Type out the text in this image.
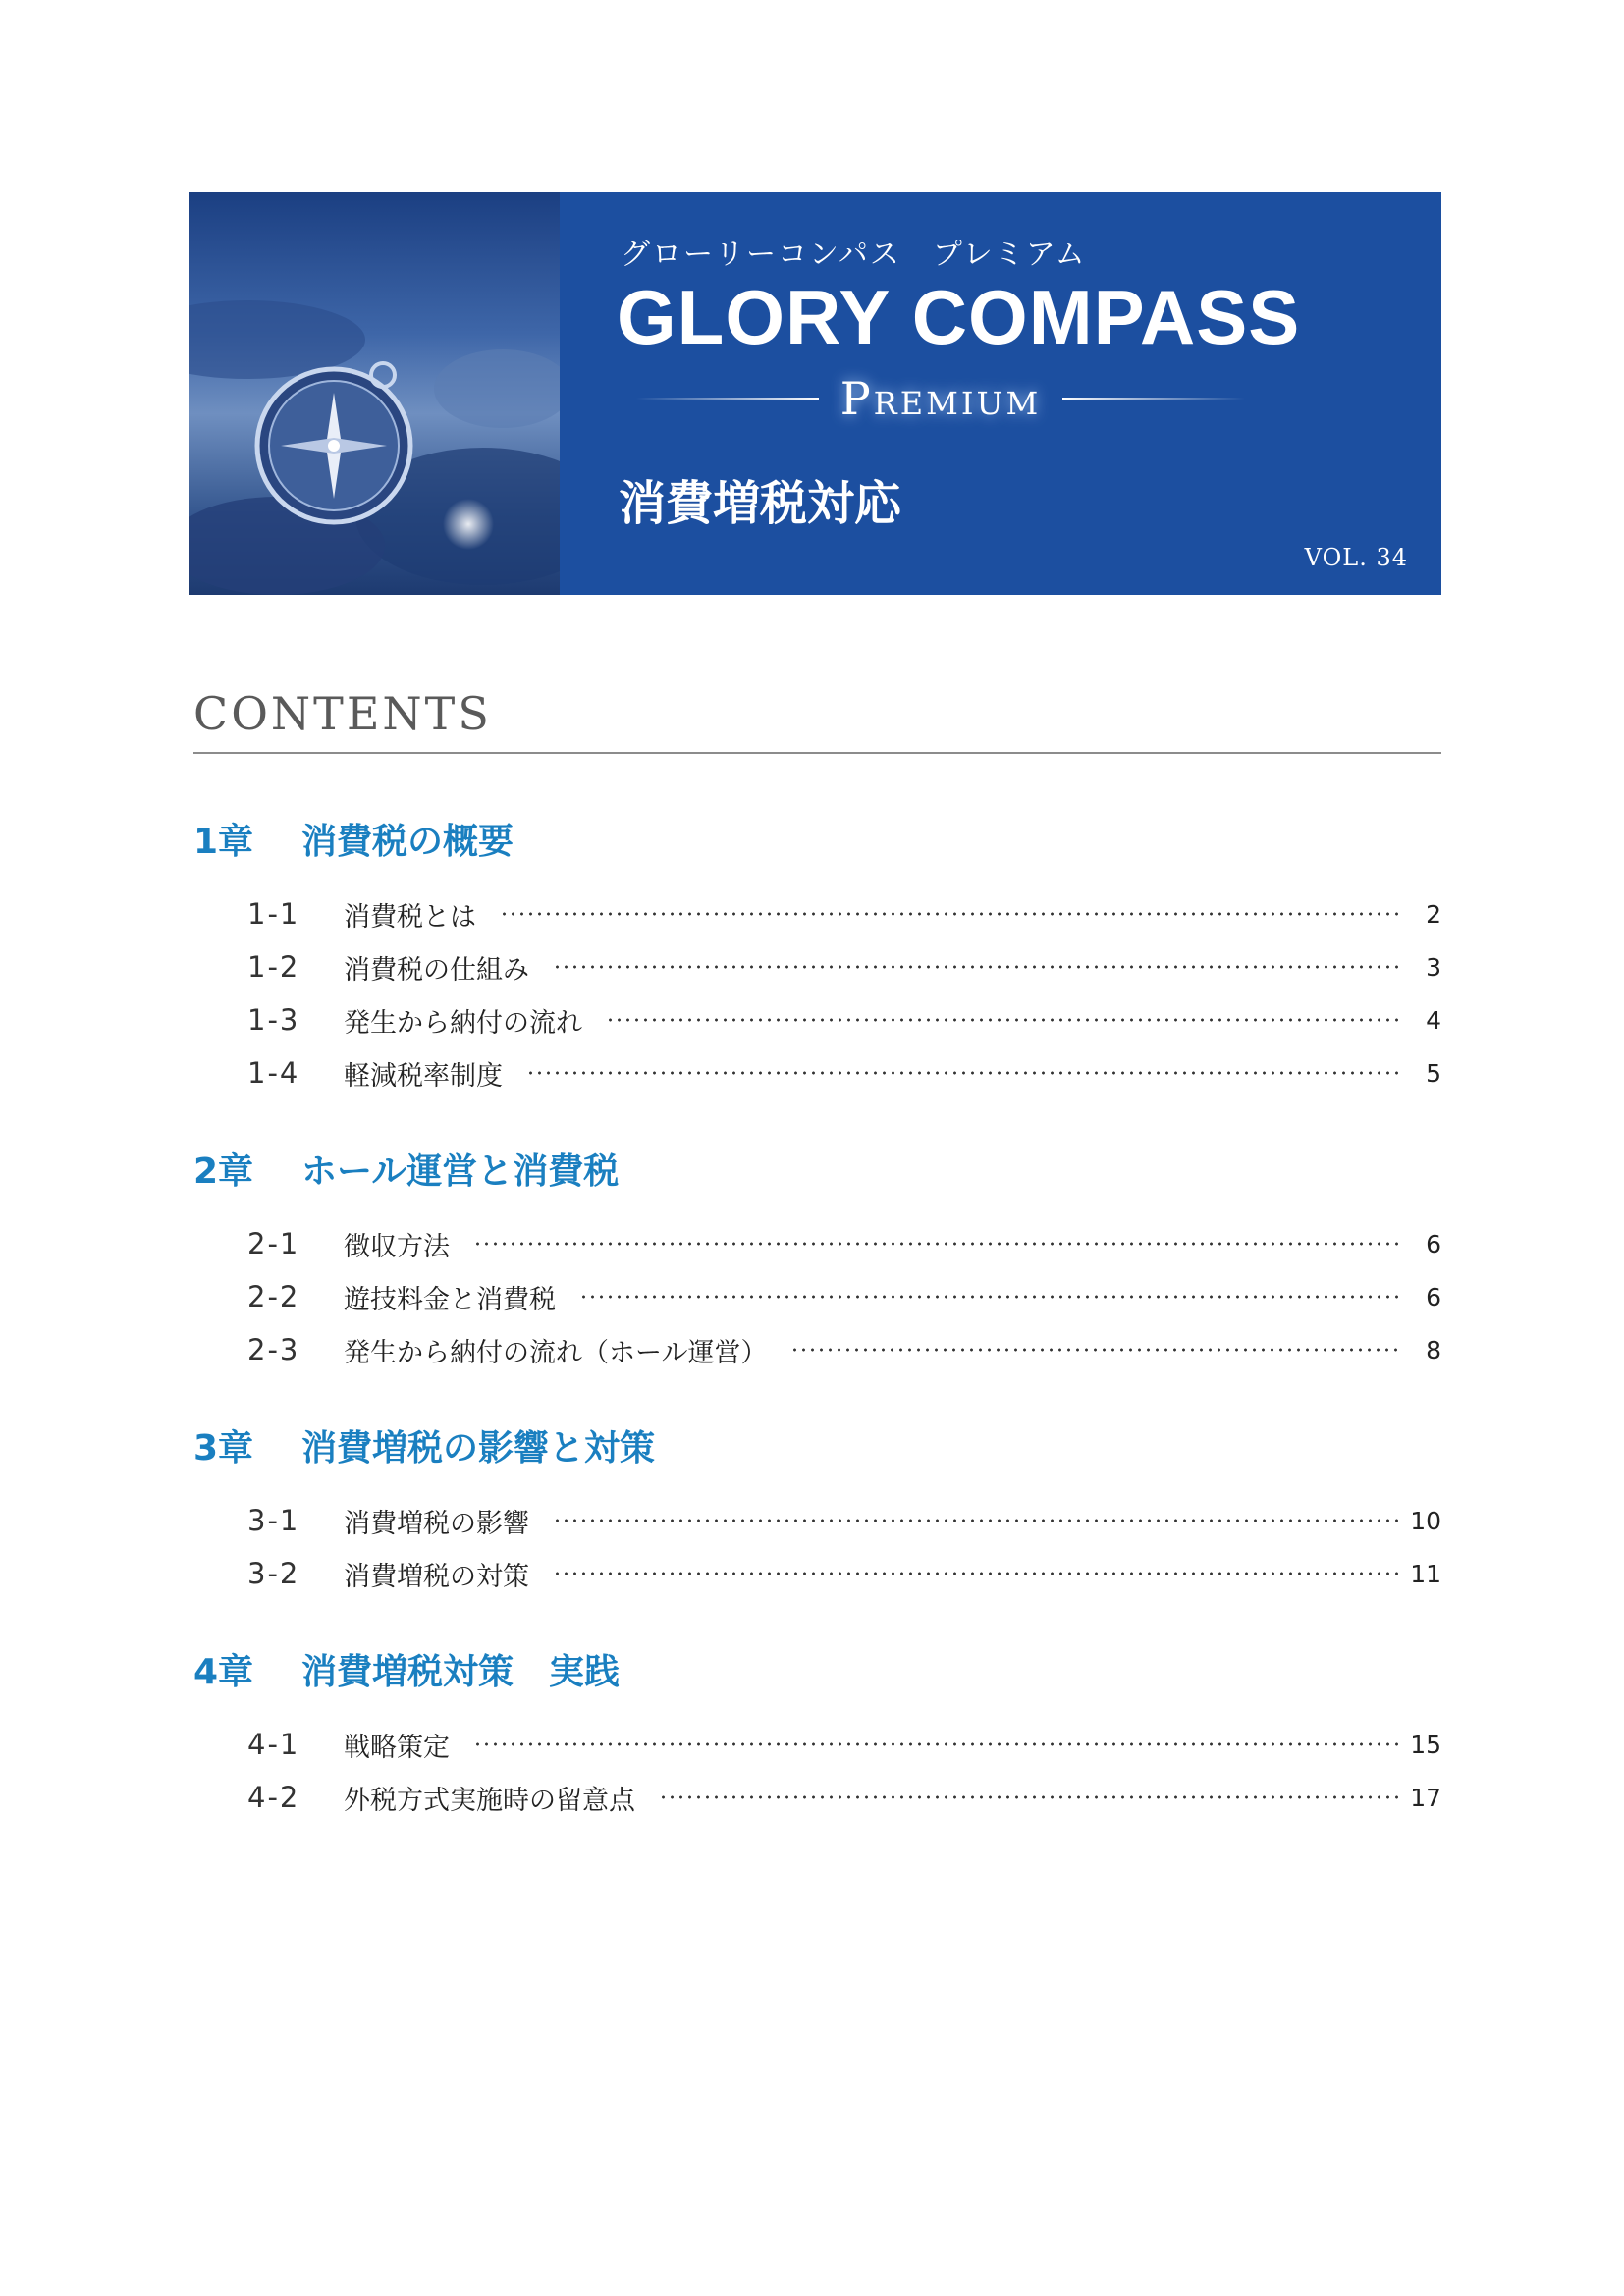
グローリーコンパス　プレミアム
GLORY COMPASS
Premium
消費増税対応
VOL. 34
CONTENTS
1章	消費税の概要
1-1	消費税とは	2
1-2	消費税の仕組み	3
1-3	発生から納付の流れ	4
1-4	軽減税率制度	5
2章	ホール運営と消費税
2-1	徴収方法	6
2-2	遊技料金と消費税	6
2-3	発生から納付の流れ（ホール運営）	8
3章	消費増税の影響と対策
3-1	消費増税の影響	10
3-2	消費増税の対策	11
4章	消費増税対策　実践
4-1	戦略策定	15
4-2	外税方式実施時の留意点	17
